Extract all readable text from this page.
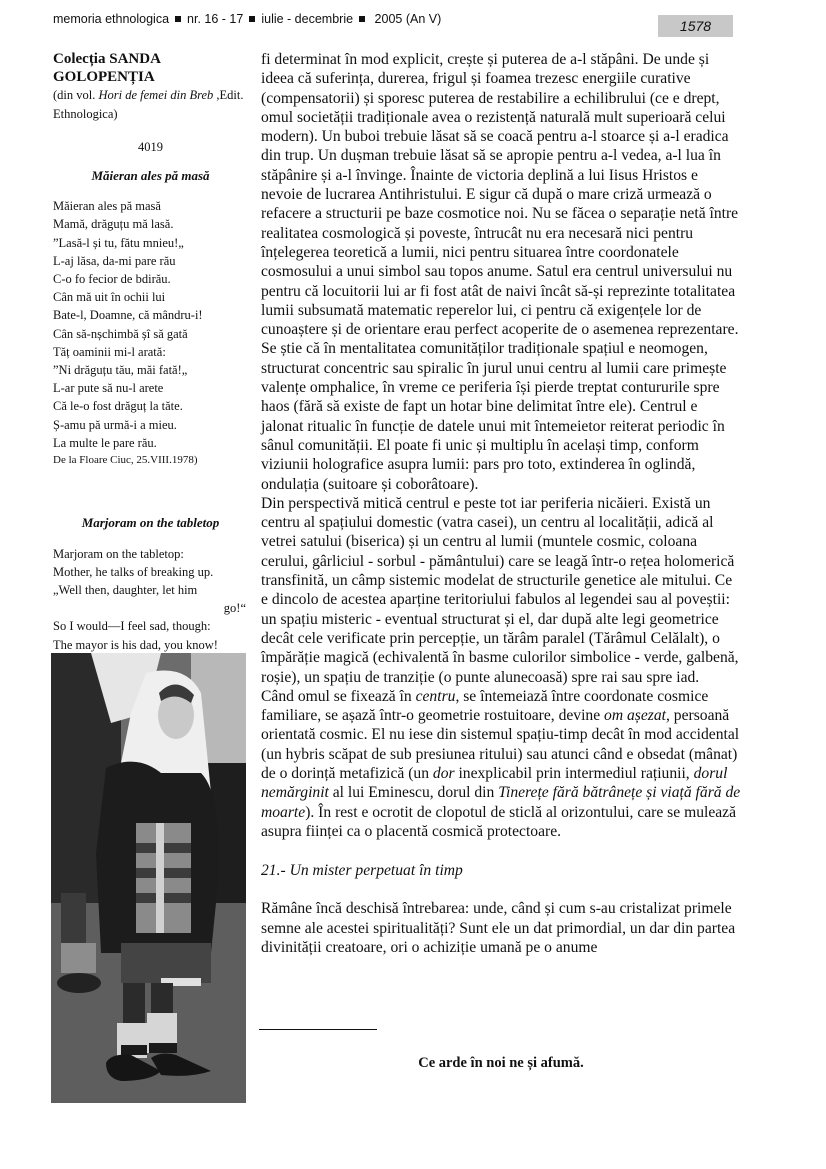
memoria ethnologica nr. 16 - 17 iulie - decembrie 2005 (An V)	1578
Colecția SANDA GOLOPENȚIA
(din vol. Hori de femei din Breb ,Edit. Ethnologica)
4019
Măieran ales pă masă
Măieran ales pă masă
Mamă, drăguțu mă lasă.
”Lasă-l și tu, fătu mnieu!„
L-aj lăsa, da-mi pare rău
C-o fo fecior de bdirău.
Cân mă uit în ochii lui
Bate-l, Doamne, că mândru-i!
Cân să-nșchimbă șî să gată
Tăț oaminii mi-l arată:
”Ni drăguțu tău, măi fată!„
L-ar pute să nu-l arete
Că le-o fost drăguț la tăte.
Ș-amu pă urmă-i a mieu.
La multe le pare rău.
De la Floare Ciuc, 25.VIII.1978)
Marjoram on the tabletop
Marjoram on the tabletop:
Mother, he talks of breaking up.
„Well then, daughter, let him
go!“
So I would—I feel sad, though:
The mayor is his dad, you know!

fi determinat în mod explicit, crește și puterea de a-l stăpâni. De unde și ideea că suferința, durerea, frigul și foamea trezesc energiile curative (compensatorii) și sporesc puterea de restabilire a echilibrului (ce e drept, omul societății tradiționale avea o rezistență naturală mult superioară celui modern). Un buboi trebuie lăsat să se coacă pentru a-l stoarce și a-l eradica din trup. Un dușman trebuie lăsat să se apropie pentru a-l vedea, a-l lua în stăpânire și a-l învinge. Înainte de victoria deplină a lui Iisus Hristos e nevoie de lucrarea Antihristului. E sigur că după o mare criză urmează o refacere a structurii pe baze cosmotice noi. Nu se făcea o separație netă între realitatea cosmologică și poveste, întrucât nu era necesară nici pentru înțelegerea teoretică a lumii, nici pentru situarea între coordonatele cosmosului a unui simbol sau topos anume. Satul era centrul universului nu pentru că locuitorii lui ar fi fost atât de naivi încât să-și reprezinte totalitatea lumii subsumată matematic reperelor lui, ci pentru că exigențele lor de cunoaștere și de orientare erau perfect acoperite de o asemenea reprezentare. Se știe că în mentalitatea comunităților tradiționale spațiul e neomogen, structurat concentric sau spiralic în jurul unui centru al lumii care primește valențe omphalice, în vreme ce periferia își pierde treptat contururile spre haos (fără să existe de fapt un hotar bine delimitat între ele). Centrul e jalonat ritualic în funcție de datele unui mit întemeietor reiterat periodic în sânul comunității. El poate fi unic și multiplu în același timp, conform viziunii holografice asupra lumii: pars pro toto, extinderea în oglindă, ondulația (suitoare și coborâtoare).

Din perspectivă mitică centrul e peste tot iar periferia nicăieri. Există un centru al spațiului domestic (vatra casei), un centru al localității, adică al vetrei satului (biserica) și un centru al lumii (muntele cosmic, coloana cerului, gârliciul - sorbul - pământului) care se leagă într-o rețea holomerică transfinită, un câmp sistemic modelat de structurile genetice ale mitului. Ce e dincolo de acestea aparține teritoriului fabulos al legendei sau al poveștii: un spațiu misteric - eventual structurat și el, dar după alte legi geometrice decât cele verificate prin percepție, un tărâm paralel (Tărâmul Celălalt), o împărăție magică (echivalentă în basme culorilor simbolice - verde, galbenă, roșie), un spațiu de tranziție (o punte alunecoasă) spre rai sau spre iad.

Când omul se fixează în centru, se întemeiază între coordonate cosmice familiare, se așază într-o geometrie rostuitoare, devine om așezat, persoană orientată cosmic. El nu iese din sistemul spațiu-timp decât în mod accidental (un hybris scăpat de sub presiunea ritului) sau atunci când e obsedat (mânat) de o dorință metafizică (un dor inexplicabil prin intermediul rațiunii, dorul nemărginit al lui Eminescu, dorul din Tinerețe fără bătrânețe și viață fără de moarte). În rest e ocrotit de clopotul de sticlă al orizontului, care se mulează asupra ființei ca o placentă cosmică protectoare.

21.- Un mister perpetuat în timp

Rămâne încă deschisă întrebarea: unde, când și cum s-au cristalizat primele semne ale acestei spiritualități? Sunt ele un dat primordial, un dar din partea divinității creatoare, ori o achiziție umană pe o anume

Ce arde în noi ne și afumă.
